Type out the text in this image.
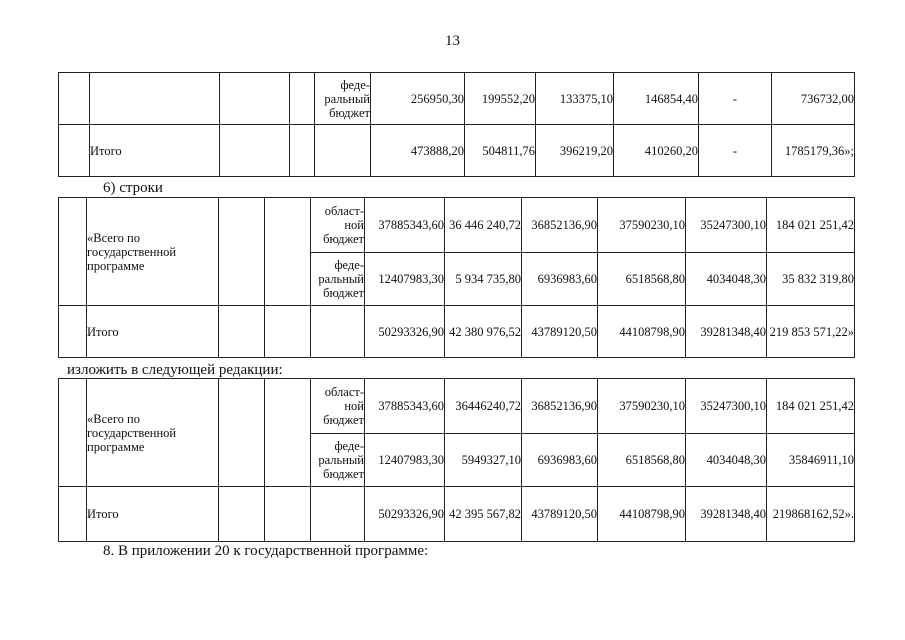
13
				феде-
ральный
бюджет	256950,30	199552,20	133375,10	146854,40	-	736732,00
	Итого				473888,20	504811,76	396219,20	410260,20	-	1785179,36»;
6) строки
	«Всего по
государственной
программе			област-
ной
бюджет	37885343,60	36 446 240,72	36852136,90	37590230,10	35247300,10	184 021 251,42
				феде-
ральный
бюджет	12407983,30	5 934 735,80	6936983,60	6518568,80	4034048,30	35 832 319,80
	Итого				50293326,90	42 380 976,52	43789120,50	44108798,90	39281348,40	219 853 571,22»
изложить в следующей редакции:
	«Всего по
государственной
программе			област-
ной
бюджет	37885343,60	36446240,72	36852136,90	37590230,10	35247300,10	184 021 251,42
				феде-
ральный
бюджет	12407983,30	5949327,10	6936983,60	6518568,80	4034048,30	35846911,10
	Итого				50293326,90	42 395 567,82	43789120,50	44108798,90	39281348,40	219868162,52».
8. В приложении 20 к государственной программе:
